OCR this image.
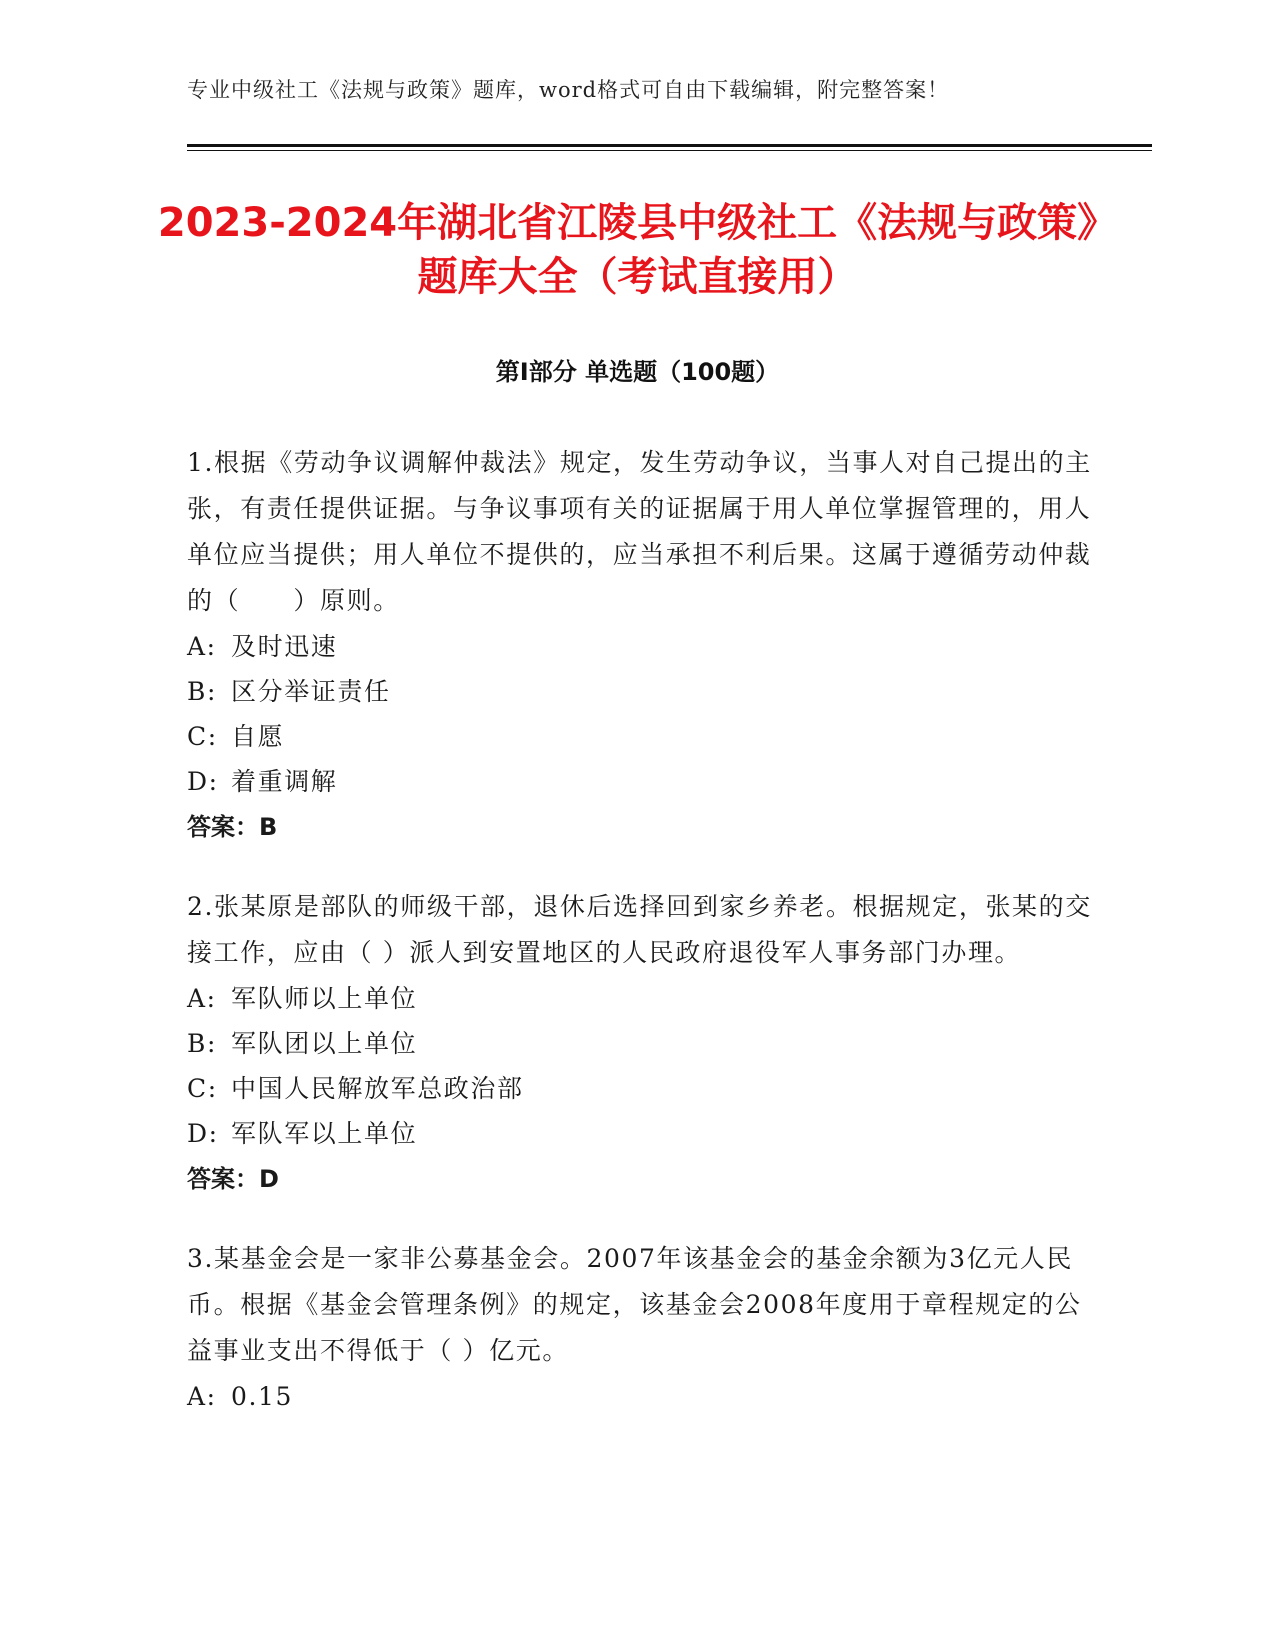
专业中级社工《法规与政策》题库，word格式可自由下载编辑，附完整答案！
2023-2024年湖北省江陵县中级社工《法规与政策》题库大全（考试直接用）
第Ⅰ部分 单选题（100题）

1.根据《劳动争议调解仲裁法》规定，发生劳动争议，当事人对自己提出的主张，有责任提供证据。与争议事项有关的证据属于用人单位掌握管理的，用人单位应当提供；用人单位不提供的，应当承担不利后果。这属于遵循劳动仲裁的（　　）原则。

A: 及时迅速

B: 区分举证责任

C: 自愿

D: 着重调解

答案：B

2.张某原是部队的师级干部，退休后选择回到家乡养老。根据规定，张某的交接工作，应由（ ）派人到安置地区的人民政府退役军人事务部门办理。

A: 军队师以上单位

B: 军队团以上单位

C: 中国人民解放军总政治部

D: 军队军以上单位

答案：D

3.某基金会是一家非公募基金会。2007年该基金会的基金余额为3亿元人民币。根据《基金会管理条例》的规定，该基金会2008年度用于章程规定的公益事业支出不得低于（ ）亿元。

A: 0.15
